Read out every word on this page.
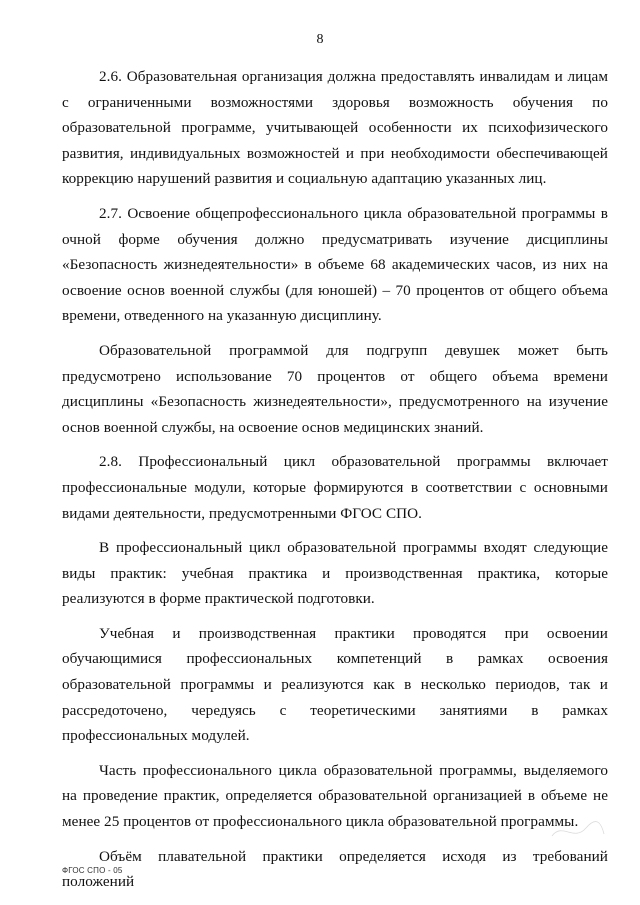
8

2.6. Образовательная организация должна предоставлять инвалидам и лицам с ограниченными возможностями здоровья возможность обучения по образовательной программе, учитывающей особенности их психофизического развития, индивидуальных возможностей и при необходимости обеспечивающей коррекцию нарушений развития и социальную адаптацию указанных лиц.

2.7. Освоение общепрофессионального цикла образовательной программы в очной форме обучения должно предусматривать изучение дисциплины «Безопасность жизнедеятельности» в объеме 68 академических часов, из них на освоение основ военной службы (для юношей) – 70 процентов от общего объема времени, отведенного на указанную дисциплину.

Образовательной программой для подгрупп девушек может быть предусмотрено использование 70 процентов от общего объема времени дисциплины «Безопасность жизнедеятельности», предусмотренного на изучение основ военной службы, на освоение основ медицинских знаний.

2.8. Профессиональный цикл образовательной программы включает профессиональные модули, которые формируются в соответствии с основными видами деятельности, предусмотренными ФГОС СПО.

В профессиональный цикл образовательной программы входят следующие виды практик: учебная практика и производственная практика, которые реализуются в форме практической подготовки.

Учебная и производственная практики проводятся при освоении обучающимися профессиональных компетенций в рамках освоения образовательной программы и реализуются как в несколько периодов, так и рассредоточено, чередуясь с теоретическими занятиями в рамках профессиональных модулей.

Часть профессионального цикла образовательной программы, выделяемого на проведение практик, определяется образовательной организацией в объеме не менее 25 процентов от профессионального цикла образовательной программы.

Объём плавательной практики определяется исходя из требований положений

ФГОС СПО - 05
